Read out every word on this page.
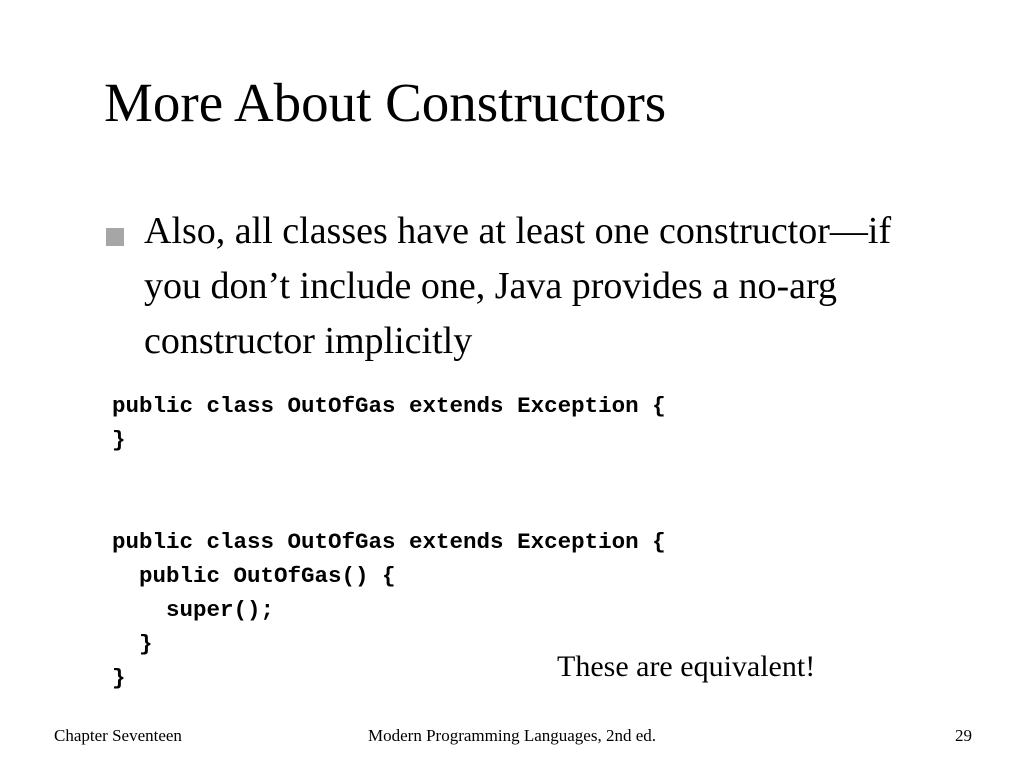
More About Constructors
Also, all classes have at least one constructor—if you don’t include one, Java provides a no-arg constructor implicitly
public class OutOfGas extends Exception {
}
public class OutOfGas extends Exception {
public OutOfGas() {
super();
}
}	These are equivalent!
Chapter Seventeen	Modern Programming Languages, 2nd ed.	29
